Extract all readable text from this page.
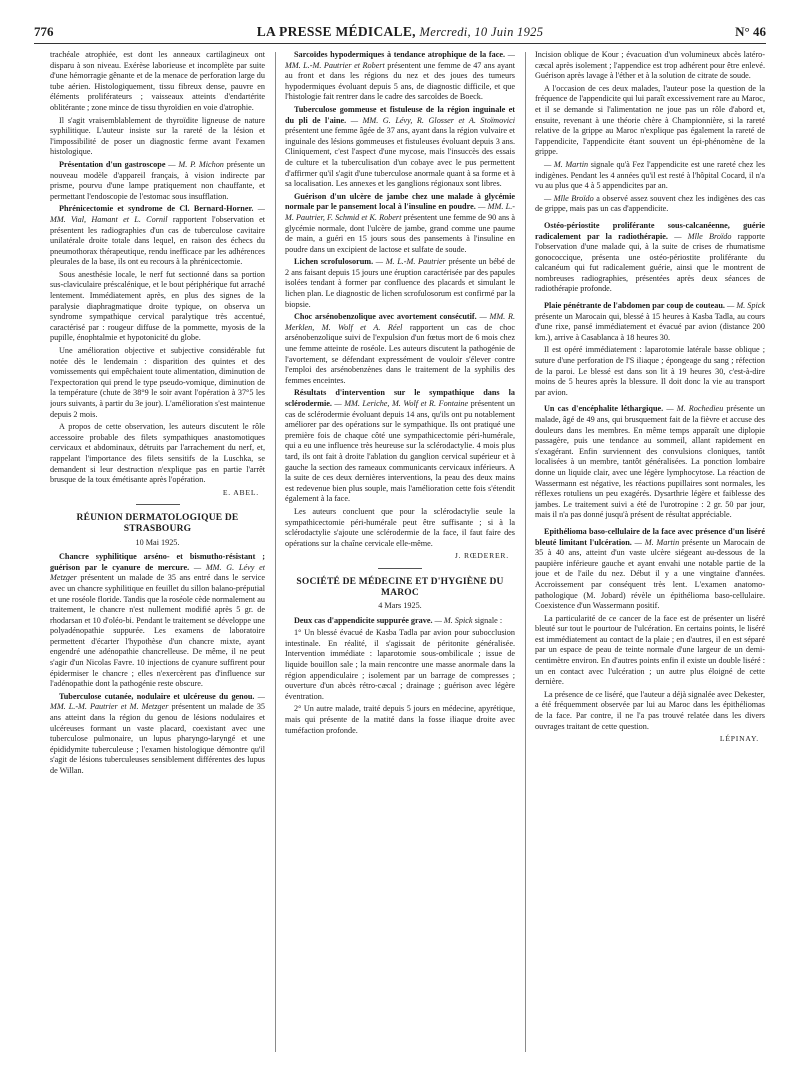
776	LA PRESSE MÉDICALE, Mercredi, 10 Juin 1925	N° 46

trachéale atrophiée, est dont les anneaux cartilagineux ont disparu à son niveau. Exérèse laborieuse et incomplète par suite d'une hémorragie gênante et de la menace de perforation large du tube aérien. Histologiquement, tissu fibreux dense, pauvre en éléments proliférateurs ; vaisseaux atteints d'endartérite oblitérante ; zone mince de tissu thyroïdien en voie d'atrophie.

Il s'agit vraisemblablement de thyroïdite ligneuse de nature syphilitique. L'auteur insiste sur la rareté de la lésion et l'impossibilité de poser un diagnostic ferme avant l'examen histologique.

Présentation d'un gastroscope — M. P. Michon présente un nouveau modèle d'appareil français, à vision indirecte par prisme, pourvu d'une lampe pratiquement non chauffante, et permettant l'endoscopie de l'estomac sous insufflation.

Phrénicectomie et syndrome de Cl. Bernard-Horner. — MM. Vial, Hamant et L. Cornil rapportent l'observation et présentent les radiographies d'un cas de tuberculose cavitaire unilatérale droite totale dans lequel, en raison des échecs du pneumothorax thérapeutique, rendu inefficace par les adhérences pleurales de la base, ils ont eu recours à la phrénicectomie.

Sous anesthésie locale, le nerf fut sectionné dans sa portion sus-claviculaire préscalénique, et le bout périphérique fut arraché lentement. Immédiatement après, en plus des signes de la paralysie diaphragmatique droite typique, on observa un syndrome sympathique cervical paralytique très accentué, caractérisé par : rougeur diffuse de la pommette, myosis de la pupille, énophtalmie et hypotonicité du globe.

Une amélioration objective et subjective considérable fut notée dès le lendemain : disparition des quintes et des vomissements qui empêchaient toute alimentation, diminution de l'expectoration qui prend le type pseudo-vomique, diminution de la température (chute de 38°9 le soir avant l'opération à 37°5 les jours suivants, à partir du 3e jour). L'amélioration s'est maintenue depuis 2 mois.

A propos de cette observation, les auteurs discutent le rôle accessoire probable des filets sympathiques anastomotiques cervicaux et abdominaux, détruits par l'arrachement du nerf, et, rappelant l'importance des filets sensitifs de la Luschka, se demandent si leur destruction n'explique pas en partie l'arrêt brusque de la toux émétisante après l'opération.

E. ABEL.
RÉUNION DERMATOLOGIQUE DE STRASBOURG
10 Mai 1925.

Chancre syphilitique arséno- et bismutho-résistant ; guérison par le cyanure de mercure. — MM. G. Lévy et Metzger présentent un malade de 35 ans entré dans le service avec un chancre syphilitique en feuillet du sillon balano-préputial et une roséole floride. Tandis que la roséole cède normalement au traitement, le chancre n'est nullement modifié après 5 gr. de rhodarsan et 10 d'oléo-bi. Pendant le traitement se développe une polyadénopathie suppurée. Les examens de laboratoire permettent d'écarter l'hypothèse d'un chancre mixte, ayant engendré une adénopathie chancrelleuse. De même, il ne peut s'agir d'un Nicolas Favre. 10 injections de cyanure suffirent pour épidermiser le chancre ; elles n'exercèrent pas d'influence sur l'adénopathie dont la pathogénie reste obscure.

Tuberculose cutanée, nodulaire et ulcéreuse du genou. — MM. L.-M. Pautrier et M. Metzger présentent un malade de 35 ans atteint dans la région du genou de lésions nodulaires et ulcéreuses formant un vaste placard, coexistant avec une tuberculose pulmonaire, un lupus pharyngo-laryngé et une épididymite tuberculeuse ; l'examen histologique démontre qu'il s'agit de lésions tuberculeuses sensiblement différentes des lupus de Willan.

Sarcoïdes hypodermiques à tendance atrophique de la face. — MM. L.-M. Pautrier et Robert présentent une femme de 47 ans ayant au front et dans les régions du nez et des joues des tumeurs hypodermiques évoluant depuis 5 ans, de diagnostic difficile, et que l'histologie fait rentrer dans le cadre des sarcoïdes de Boeck.

Tuberculose gommeuse et fistuleuse de la région inguinale et du pli de l'aine. — MM. G. Lévy, R. Glosser et A. Stoïmovici présentent une femme âgée de 37 ans, ayant dans la région vulvaire et inguinale des lésions gommeuses et fistuleuses évoluant depuis 3 ans. Cliniquement, c'est l'aspect d'une mycose, mais l'insuccès des essais de culture et la tuberculisation d'un cobaye avec le pus permettent d'affirmer qu'il s'agit d'une tuberculose anormale quant à sa forme et à sa localisation. Les annexes et les ganglions régionaux sont libres.

Guérison d'un ulcère de jambe chez une malade à glycémie normale par le pansement local à l'insuline en poudre. — MM. L.-M. Pautrier, F. Schmid et K. Robert présentent une femme de 90 ans à glycémie normale, dont l'ulcère de jambe, grand comme une paume de main, a guéri en 15 jours sous des pansements à l'insuline en poudre dans un excipient de lactose et sulfate de soude.

Lichen scrofulosorum. — M. L.-M. Pautrier présente un bébé de 2 ans faisant depuis 15 jours une éruption caractérisée par des papules isolées tendant à former par confluence des placards et simulant le lichen plan. Le diagnostic de lichen scrofulosorum est confirmé par la biopsie.

Choc arsénobenzolique avec avortement consécutif. — MM. R. Merklen, M. Wolf et A. Réel rapportent un cas de choc arsénobenzolique suivi de l'expulsion d'un fœtus mort de 6 mois chez une femme atteinte de roséole. Les auteurs discutent la pathogénie de l'avortement, se défendant expressément de vouloir s'élever contre l'emploi des arsénobenzènes dans le traitement de la syphilis des femmes enceintes.

Résultats d'intervention sur le sympathique dans la sclérodermie. — MM. Leriche, M. Wolf et R. Fontaine présentent un cas de sclérodermie évoluant depuis 14 ans, qu'ils ont pu notablement améliorer par des opérations sur le sympathique. Ils ont pratiqué une première fois de chaque côté une sympathicectomie péri-humérale, qui a eu une influence très heureuse sur la sclérodactylie. 4 mois plus tard, ils ont fait à droite l'ablation du ganglion cervical supérieur et à gauche la section des rameaux communicants cervicaux inférieurs. A la suite de ces deux dernières interventions, la peau des deux mains est redevenue bien plus souple, mais l'amélioration cette fois s'étendit également à la face.

Les auteurs concluent que pour la sclérodactylie seule la sympathicectomie péri-humérale peut être suffisante ; si à la sclérodactylie s'ajoute une sclérodermie de la face, il faut faire des opérations sur la chaîne cervicale elle-même.

J. RŒDERER.
SOCIÉTÉ DE MÉDECINE ET D'HYGIÈNE DU MAROC
4 Mars 1925.

Deux cas d'appendicite suppurée grave. — M. Spick signale :

1° Un blessé évacué de Kasba Tadla par avion pour subocclusion intestinale. En réalité, il s'agissait de péritonite généralisée. Intervention immédiate : laparotomie sous-ombilicale ; issue de liquide bouillon sale ; la main rencontre une masse anormale dans la région appendiculaire ; isolement par un barrage de compresses ; ouverture d'un abcès rétro-cæcal ; drainage ; guérison avec légère éventration.

2° Un autre malade, traité depuis 5 jours en médecine, apyrétique, mais qui présente de la matité dans la fosse iliaque droite avec tuméfaction profonde.

Incision oblique de Kour ; évacuation d'un volumineux abcès latéro-cæcal après isolement ; l'appendice est trop adhérent pour être enlevé. Guérison après lavage à l'éther et à la solution de citrate de soude.

A l'occasion de ces deux malades, l'auteur pose la question de la fréquence de l'appendicite qui lui paraît excessivement rare au Maroc, et il se demande si l'alimentation ne joue pas un rôle d'abord et, ensuite, revenant à une théorie chère à Championnière, si la rareté relative de la grippe au Maroc n'explique pas également la rareté de l'appendicite, l'appendicite étant souvent un épi-phénomène de la grippe.

— M. Martin signale qu'à Fez l'appendicite est une rareté chez les indigènes. Pendant les 4 années qu'il est resté à l'hôpital Cocard, il n'a vu au plus que 4 à 5 appendicites par an.

— Mlle Broïdo a observé assez souvent chez les indigènes des cas de grippe, mais pas un cas d'appendicite.

Ostéo-périostite proliférante sous-calcanéenne, guérie radicalement par la radiothérapie. — Mlle Broïdo rapporte l'observation d'une malade qui, à la suite de crises de rhumatisme gonococcique, présenta une ostéo-périostite proliférante du calcanéum qui fut radicalement guérie, ainsi que le montrent de nombreuses radiographies, présentées après deux séances de radiothérapie profonde.

Plaie pénétrante de l'abdomen par coup de couteau. — M. Spick présente un Marocain qui, blessé à 15 heures à Kasba Tadla, au cours d'une rixe, pansé immédiatement et évacué par avion (distance 200 km.), arrive à Casablanca à 18 heures 30.

Il est opéré immédiatement : laparotomie latérale basse oblique ; suture d'une perforation de l'S iliaque ; épongeage du sang ; réfection de la paroi. Le blessé est dans son lit à 19 heures 30, c'est-à-dire moins de 5 heures après la blessure. Il doit donc la vie au transport par avion.

Un cas d'encéphalite léthargique. — M. Rochedieu présente un malade, âgé de 49 ans, qui brusquement fait de la fièvre et accuse des douleurs dans les membres. En même temps apparaît une diplopie passagère, puis une tendance au sommeil, allant rapidement en s'exagérant. Enfin surviennent des convulsions cloniques, tantôt localisées à un membre, tantôt généralisées. La ponction lombaire donne un liquide clair, avec une légère lymphocytose. La réaction de Wassermann est négative, les réactions pupillaires sont normales, les réflexes rotuliens un peu exagérés. Dysarthrie légère et faiblesse des jambes. Le traitement suivi a été de l'urotropine : 2 gr. 50 par jour, mais il n'a pas donné jusqu'à présent de résultat appréciable.

Epithélioma baso-cellulaire de la face avec présence d'un liséré bleuté limitant l'ulcération. — M. Martin présente un Marocain de 35 à 40 ans, atteint d'un vaste ulcère siégeant au-dessous de la paupière inférieure gauche et ayant envahi une notable partie de la joue et de l'aile du nez. Début il y a une vingtaine d'années. Accroissement par conséquent très lent. L'examen anatomo-pathologique (M. Jobard) révèle un épithélioma baso-cellulaire. Coexistence d'un Wassermann positif.

La particularité de ce cancer de la face est de présenter un liséré bleuté sur tout le pourtour de l'ulcération. En certains points, le liséré est immédiatement au contact de la plaie ; en d'autres, il en est séparé par un espace de peau de teinte normale d'une largeur de un demi-centimètre environ. En d'autres points enfin il existe un double liséré : un en contact avec l'ulcération ; un autre plus éloigné de cette dernière.

La présence de ce liséré, que l'auteur a déjà signalée avec Dekester, a été fréquemment observée par lui au Maroc dans les épithéliomas de la face. Par contre, il ne l'a pas trouvé relatée dans les divers ouvrages traitant de cette question.

LÉPINAY.
